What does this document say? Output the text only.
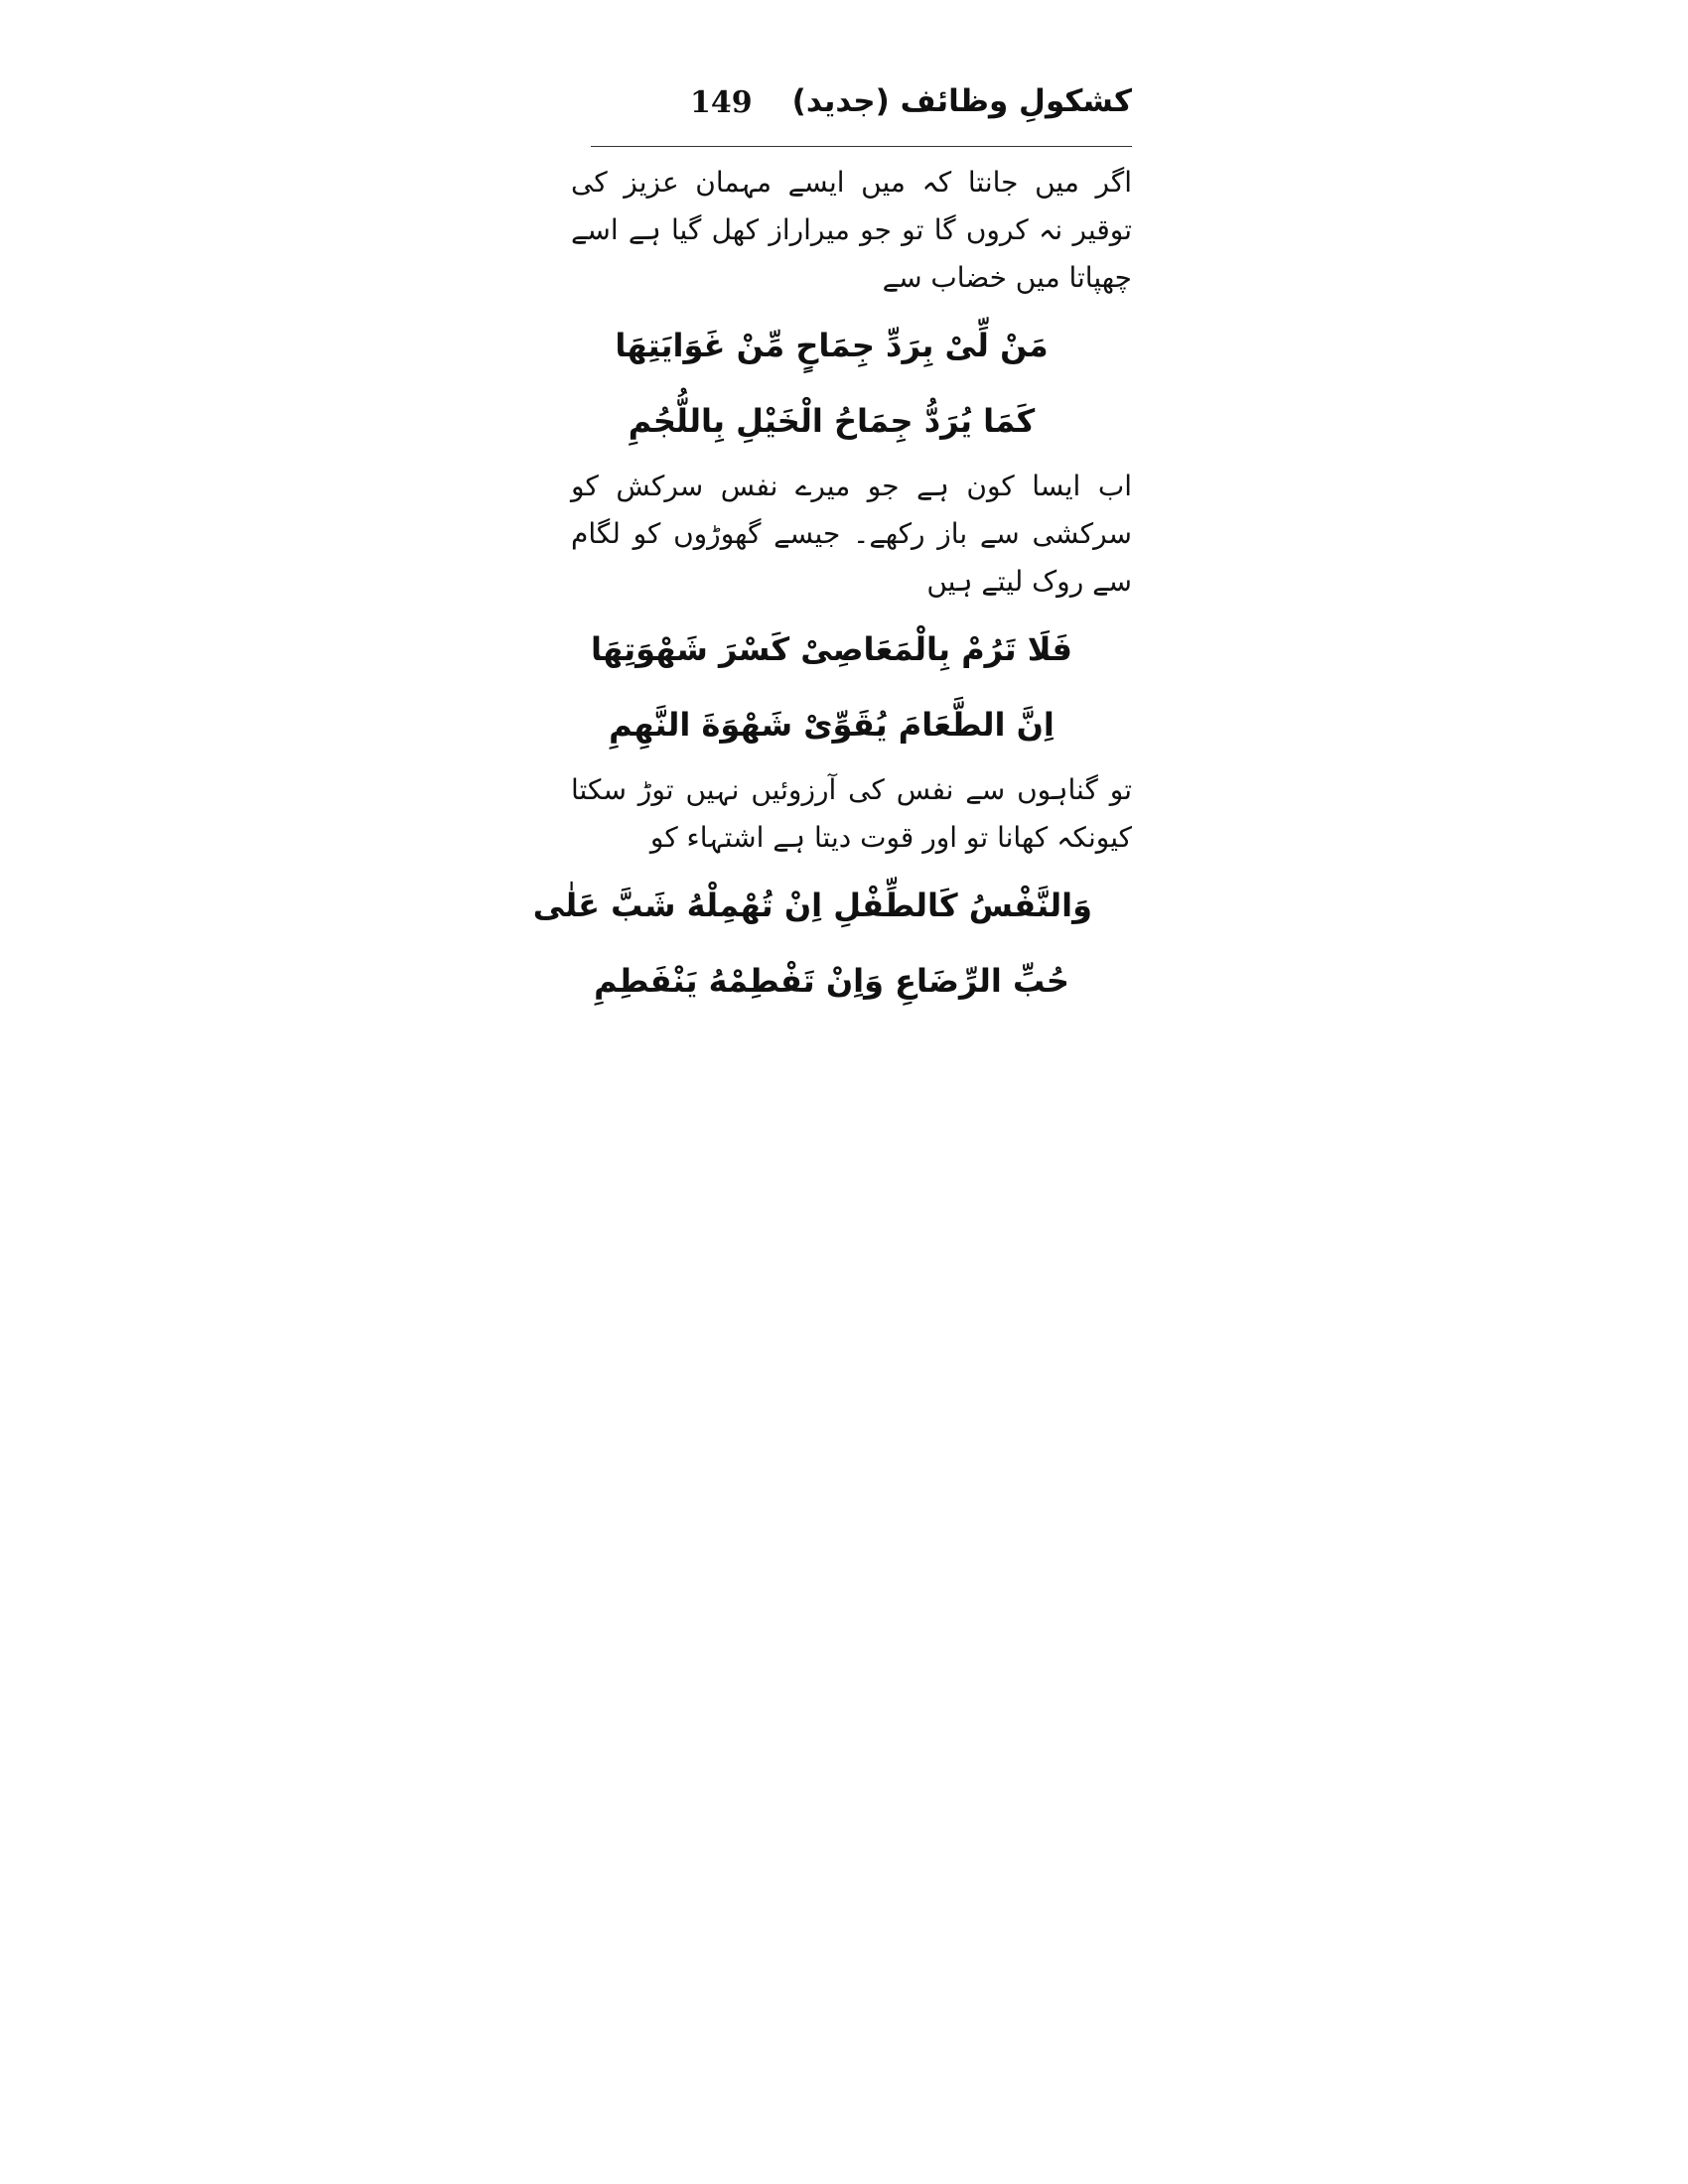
149 کشکولِ وظائف (جدید)

اگر میں جانتا کہ میں ایسے مہمان عزیز کی توقیر نہ کروں گا تو جو میراراز کھل گیا ہے اسے چھپاتا میں خضاب سے

مَنْ لِّیْ بِرَدِّ جِمَاحٍ مِّنْ غَوَایَتِهَا

کَمَا یُرَدُّ جِمَاحُ الْخَیْلِ بِاللُّجُمِ

اب ایسا کون ہے جو میرے نفس سرکش کو سرکشی سے باز رکھے۔ جیسے گھوڑوں کو لگام سے روک لیتے ہیں

فَلَا تَرُمْ بِالْمَعَاصِیْ کَسْرَ شَهْوَتِهَا

اِنَّ الطَّعَامَ یُقَوِّیْ شَهْوَةَ النَّهِمِ

تو گناہوں سے نفس کی آرزوئیں نہیں توڑ سکتا کیونکہ کھانا تو اور قوت دیتا ہے اشتہاء کو

وَالنَّفْسُ کَالطِّفْلِ اِنْ تُهْمِلْهُ شَبَّ عَلٰی

حُبِّ الرِّضَاعِ وَاِنْ تَفْطِمْهُ یَنْفَطِمِ
